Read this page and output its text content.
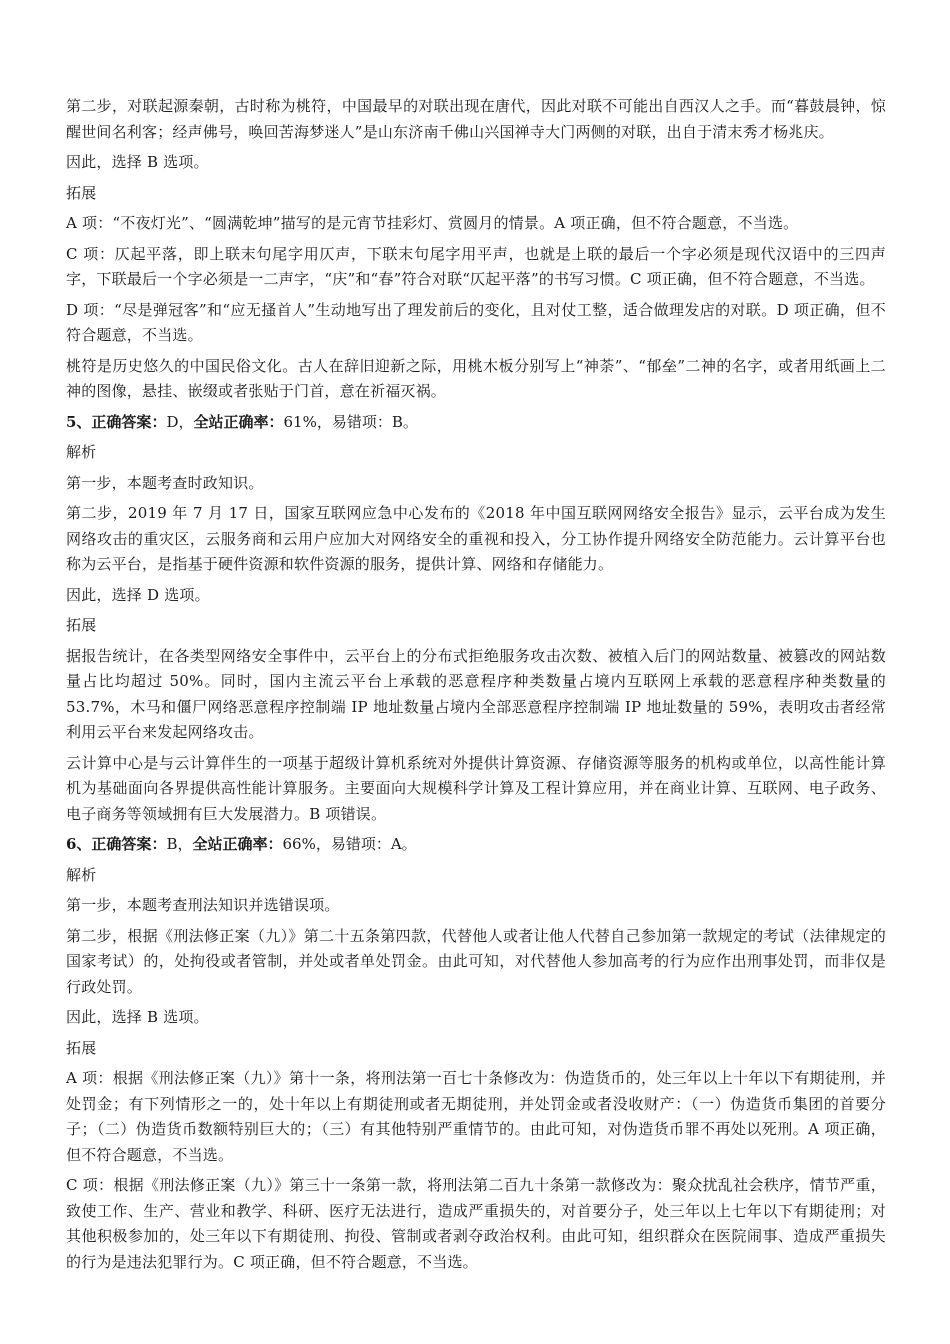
第二步，对联起源秦朝，古时称为桃符，中国最早的对联出现在唐代，因此对联不可能出自西汉人之手。而“暮鼓晨钟，惊醒世间名利客；经声佛号，唤回苦海梦迷人”是山东济南千佛山兴国禅寺大门两侧的对联，出自于清末秀才杨兆庆。

因此，选择 B 选项。

拓展

A 项：“不夜灯光”、“圆满乾坤”描写的是元宵节挂彩灯、赏圆月的情景。A 项正确，但不符合题意，不当选。

C 项：仄起平落，即上联末句尾字用仄声，下联末句尾字用平声，也就是上联的最后一个字必须是现代汉语中的三四声字，下联最后一个字必须是一二声字，“庆”和“春”符合对联“仄起平落”的书写习惯。C 项正确，但不符合题意，不当选。

D 项：“尽是弹冠客”和“应无搔首人”生动地写出了理发前后的变化，且对仗工整，适合做理发店的对联。D 项正确，但不符合题意，不当选。

桃符是历史悠久的中国民俗文化。古人在辞旧迎新之际，用桃木板分别写上“神荼”、“郁垒”二神的名字，或者用纸画上二神的图像，悬挂、嵌缀或者张贴于门首，意在祈福灭祸。

5、正确答案：D，全站正确率：61%，易错项：B。

解析

第一步，本题考查时政知识。

第二步，2019 年 7 月 17 日，国家互联网应急中心发布的《2018 年中国互联网网络安全报告》显示，云平台成为发生网络攻击的重灾区，云服务商和云用户应加大对网络安全的重视和投入，分工协作提升网络安全防范能力。云计算平台也称为云平台，是指基于硬件资源和软件资源的服务，提供计算、网络和存储能力。

因此，选择 D 选项。

拓展

据报告统计，在各类型网络安全事件中，云平台上的分布式拒绝服务攻击次数、被植入后门的网站数量、被篡改的网站数量占比均超过 50%。同时，国内主流云平台上承载的恶意程序种类数量占境内互联网上承载的恶意程序种类数量的 53.7%，木马和僵尸网络恶意程序控制端 IP 地址数量占境内全部恶意程序控制端 IP 地址数量的 59%，表明攻击者经常利用云平台来发起网络攻击。

云计算中心是与云计算伴生的一项基于超级计算机系统对外提供计算资源、存储资源等服务的机构或单位，以高性能计算机为基础面向各界提供高性能计算服务。主要面向大规模科学计算及工程计算应用，并在商业计算、互联网、电子政务、电子商务等领域拥有巨大发展潜力。B 项错误。

6、正确答案：B，全站正确率：66%，易错项：A。

解析

第一步，本题考查刑法知识并选错误项。

第二步，根据《刑法修正案（九）》第二十五条第四款，代替他人或者让他人代替自己参加第一款规定的考试（法律规定的国家考试）的，处拘役或者管制，并处或者单处罚金。由此可知，对代替他人参加高考的行为应作出刑事处罚，而非仅是行政处罚。

因此，选择 B 选项。

拓展

A 项：根据《刑法修正案（九）》第十一条，将刑法第一百七十条修改为：伪造货币的，处三年以上十年以下有期徒刑，并处罚金；有下列情形之一的，处十年以上有期徒刑或者无期徒刑，并处罚金或者没收财产：（一）伪造货币集团的首要分子；（二）伪造货币数额特别巨大的；（三）有其他特别严重情节的。由此可知，对伪造货币罪不再处以死刑。A 项正确，但不符合题意，不当选。

C 项：根据《刑法修正案（九）》第三十一条第一款，将刑法第二百九十条第一款修改为：聚众扰乱社会秩序，情节严重，致使工作、生产、营业和教学、科研、医疗无法进行，造成严重损失的，对首要分子，处三年以上七年以下有期徒刑；对其他积极参加的，处三年以下有期徒刑、拘役、管制或者剥夺政治权利。由此可知，组织群众在医院闹事、造成严重损失的行为是违法犯罪行为。C 项正确，但不符合题意，不当选。
